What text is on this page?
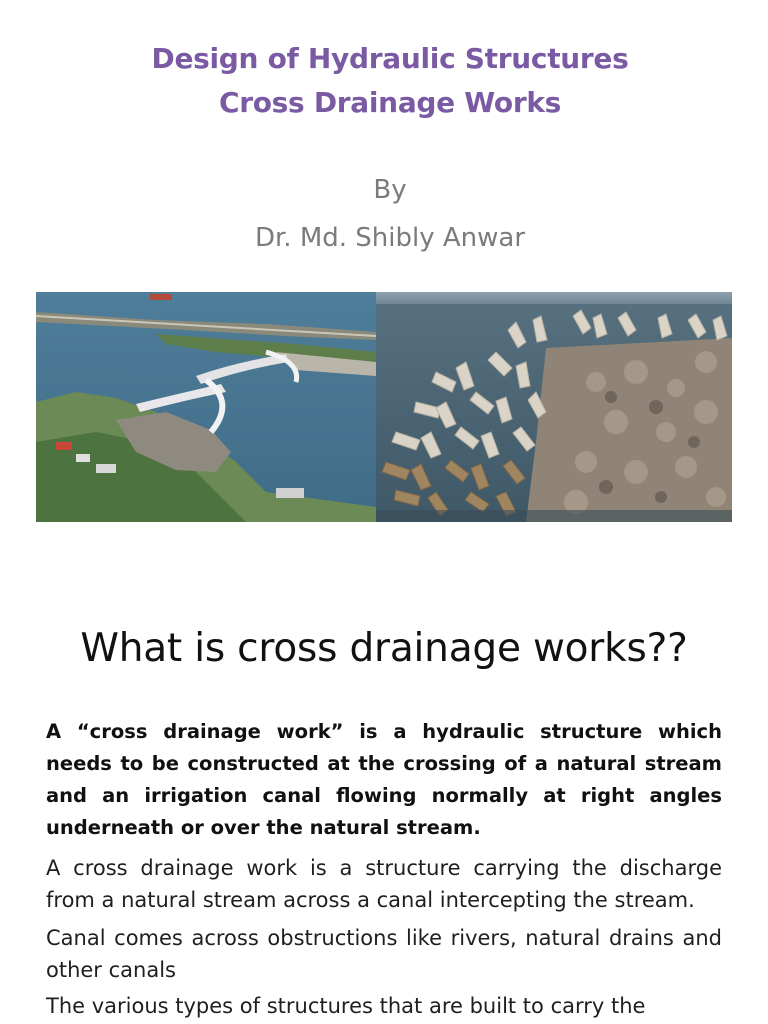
Design of Hydraulic Structures
Cross Drainage Works
By
Dr. Md. Shibly Anwar
What is cross drainage works??

A “cross drainage work” is a hydraulic structure which needs to be constructed at the crossing of a natural stream and an irrigation canal flowing normally at right angles underneath or over the natural stream.

A cross drainage work is a structure carrying the discharge from a natural stream across a canal intercepting the stream.

Canal comes across obstructions like rivers, natural drains and other canals

The various types of structures that are built to carry the
